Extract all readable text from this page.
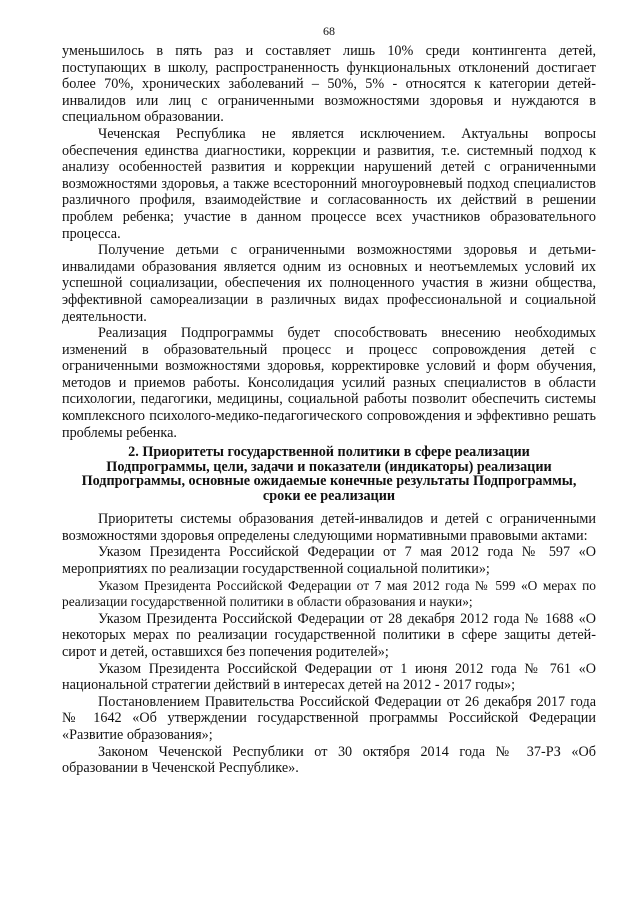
68

уменьшилось в пять раз и составляет лишь 10% среди контингента детей, поступающих в школу, распространенность функциональных отклонений достигает более 70%, хронических заболеваний – 50%, 5% - относятся к категории детей-инвалидов или лиц с ограниченными возможностями здоровья и нуждаются в специальном образовании.

Чеченская Республика не является исключением. Актуальны вопросы обеспечения единства диагностики, коррекции и развития, т.е. системный подход к анализу особенностей развития и коррекции нарушений детей с ограниченными возможностями здоровья, а также всесторонний многоуровневый подход специалистов различного профиля, взаимодействие и согласованность их действий в решении проблем ребенка; участие в данном процессе всех участников образовательного процесса.

Получение детьми с ограниченными возможностями здоровья и детьми-инвалидами образования является одним из основных и неотъемлемых условий их успешной социализации, обеспечения их полноценного участия в жизни общества, эффективной самореализации в различных видах профессиональной и социальной деятельности.

Реализация Подпрограммы будет способствовать внесению необходимых изменений в образовательный процесс и процесс сопровождения детей с ограниченными возможностями здоровья, корректировке условий и форм обучения, методов и приемов работы. Консолидация усилий разных специалистов в области психологии, педагогики, медицины, социальной работы позволит обеспечить системы комплексного психолого-медико-педагогического сопровождения и эффективно решать проблемы ребенка.

2. Приоритеты государственной политики в сфере реализации
Подпрограммы, цели, задачи и показатели (индикаторы) реализации
Подпрограммы, основные ожидаемые конечные результаты Подпрограммы,
сроки ее реализации

Приоритеты системы образования детей-инвалидов и детей с ограниченными возможностями здоровья определены следующими нормативными правовыми актами:

Указом Президента Российской Федерации от 7 мая 2012 года № 597 «О мероприятиях по реализации государственной социальной политики»;

Указом Президента Российской Федерации от 7 мая 2012 года № 599 «О мерах по реализации государственной политики в области образования и науки»;

Указом Президента Российской Федерации от 28 декабря 2012 года № 1688 «О некоторых мерах по реализации государственной политики в сфере защиты детей-сирот и детей, оставшихся без попечения родителей»;

Указом Президента Российской Федерации от 1 июня 2012 года № 761 «О национальной стратегии действий в интересах детей на 2012 - 2017 годы»;

Постановлением Правительства Российской Федерации от 26 декабря 2017 года № 1642 «Об утверждении государственной программы Российской Федерации «Развитие образования»;

Законом Чеченской Республики от 30 октября 2014 года № 37-РЗ «Об образовании в Чеченской Республике».
